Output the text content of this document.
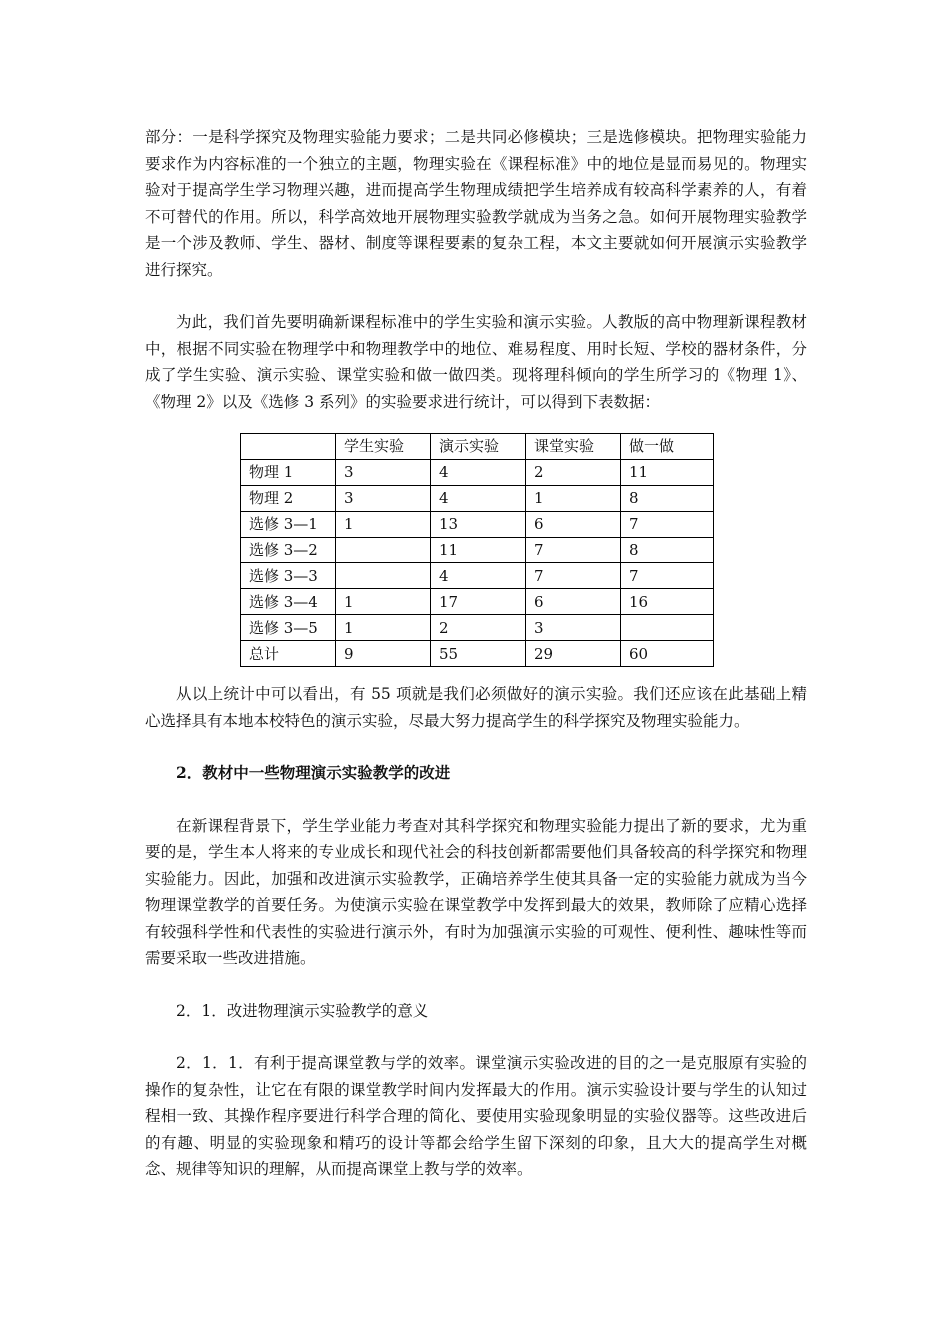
部分：一是科学探究及物理实验能力要求；二是共同必修模块；三是选修模块。把物理实验能力要求作为内容标准的一个独立的主题，物理实验在《课程标准》中的地位是显而易见的。物理实验对于提高学生学习物理兴趣，进而提高学生物理成绩把学生培养成有较高科学素养的人，有着不可替代的作用。所以，科学高效地开展物理实验教学就成为当务之急。如何开展物理实验教学是一个涉及教师、学生、器材、制度等课程要素的复杂工程，本文主要就如何开展演示实验教学进行探究。

为此，我们首先要明确新课程标准中的学生实验和演示实验。人教版的高中物理新课程教材中，根据不同实验在物理学中和物理教学中的地位、难易程度、用时长短、学校的器材条件，分成了学生实验、演示实验、课堂实验和做一做四类。现将理科倾向的学生所学习的《物理 1》、《物理 2》以及《选修 3 系列》的实验要求进行统计，可以得到下表数据：

	学生实验	演示实验	课堂实验	做一做
物理 1	3	4	2	11
物理 2	3	4	1	8
选修 3—1	1	13	6	7
选修 3—2		11	7	8
选修 3—3		4	7	7
选修 3—4	1	17	6	16
选修 3—5	1	2	3	
总计	9	55	29	60

从以上统计中可以看出，有 55 项就是我们必须做好的演示实验。我们还应该在此基础上精心选择具有本地本校特色的演示实验，尽最大努力提高学生的科学探究及物理实验能力。

2．教材中一些物理演示实验教学的改进

在新课程背景下，学生学业能力考查对其科学探究和物理实验能力提出了新的要求，尤为重要的是，学生本人将来的专业成长和现代社会的科技创新都需要他们具备较高的科学探究和物理实验能力。因此，加强和改进演示实验教学，正确培养学生使其具备一定的实验能力就成为当今物理课堂教学的首要任务。为使演示实验在课堂教学中发挥到最大的效果，教师除了应精心选择有较强科学性和代表性的实验进行演示外，有时为加强演示实验的可观性、便利性、趣味性等而需要采取一些改进措施。

2．1．改进物理演示实验教学的意义

2．1．1．有利于提高课堂教与学的效率。课堂演示实验改进的目的之一是克服原有实验的操作的复杂性，让它在有限的课堂教学时间内发挥最大的作用。演示实验设计要与学生的认知过程相一致、其操作程序要进行科学合理的简化、要使用实验现象明显的实验仪器等。这些改进后的有趣、明显的实验现象和精巧的设计等都会给学生留下深刻的印象，且大大的提高学生对概念、规律等知识的理解，从而提高课堂上教与学的效率。
